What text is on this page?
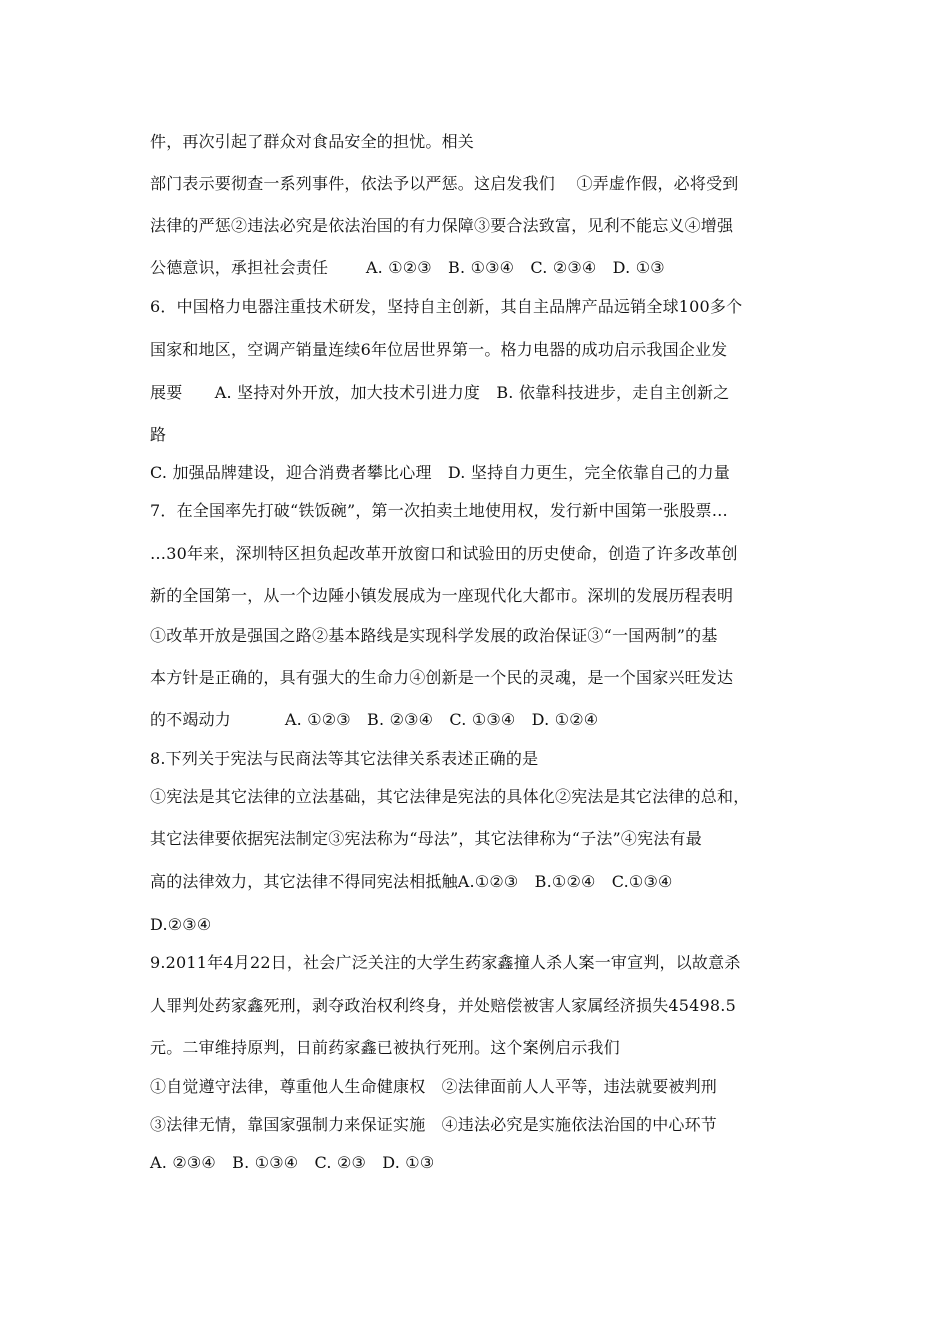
件，再次引起了群众对食品安全的担忧。相关
部门表示要彻查一系列事件，依法予以严惩。这启发我们　 ①弄虚作假，必将受到
法律的严惩②违法必究是依法治国的有力保障③要合法致富，见利不能忘义④增强
公德意识，承担社会责任　　 A. ①②③　B. ①③④　C. ②③④　D. ①③
6．中国格力电器注重技术研发，坚持自主创新，其自主品牌产品远销全球100多个
国家和地区，空调产销量连续6年位居世界第一。格力电器的成功启示我国企业发
展要　　A. 坚持对外开放，加大技术引进力度　B. 依靠科技进步，走自主创新之
路
C. 加强品牌建设，迎合消费者攀比心理　D. 坚持自力更生，完全依靠自己的力量
7．在全国率先打破“铁饭碗”，第一次拍卖土地使用权，发行新中国第一张股票…
…30年来，深圳特区担负起改革开放窗口和试验田的历史使命，创造了许多改革创
新的全国第一，从一个边陲小镇发展成为一座现代化大都市。深圳的发展历程表明
①改革开放是强国之路②基本路线是实现科学发展的政治保证③“一国两制”的基
本方针是正确的，具有强大的生命力④创新是一个民的灵魂，是一个国家兴旺发达
的不竭动力　　　 A. ①②③　B. ②③④　C. ①③④　D. ①②④
8.下列关于宪法与民商法等其它法律关系表述正确的是
①宪法是其它法律的立法基础，其它法律是宪法的具体化②宪法是其它法律的总和，
其它法律要依据宪法制定③宪法称为“母法”，其它法律称为“子法”④宪法有最
高的法律效力，其它法律不得同宪法相抵触A.①②③　B.①②④　C.①③④
D.②③④
9.2011年4月22日，社会广泛关注的大学生药家鑫撞人杀人案一审宣判，以故意杀
人罪判处药家鑫死刑，剥夺政治权利终身，并处赔偿被害人家属经济损失45498.5
元。二审维持原判，日前药家鑫已被执行死刑。这个案例启示我们
①自觉遵守法律，尊重他人生命健康权　②法律面前人人平等，违法就要被判刑
③法律无情，靠国家强制力来保证实施　④违法必究是实施依法治国的中心环节
A. ②③④　B. ①③④　C. ②③　D. ①③
